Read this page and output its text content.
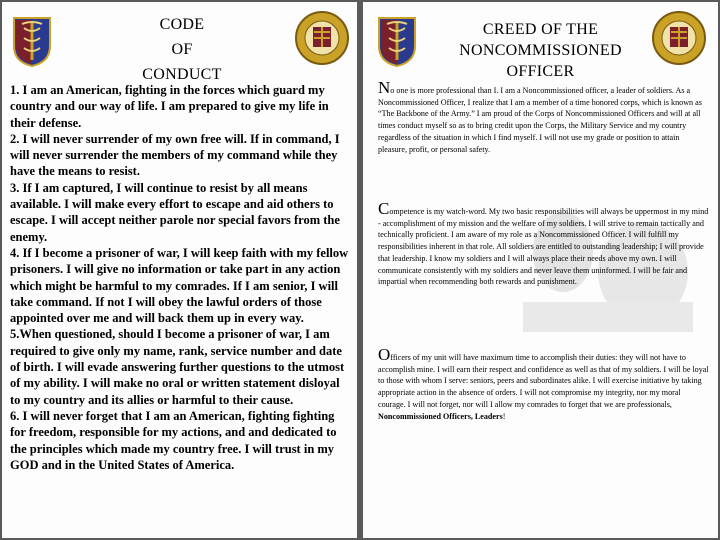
CODE
OF
CONDUCT

1. I am an American, fighting in the forces which guard my country and our way of life. I am prepared to give my life in their defense.

2. I will never surrender of my own free will. If in command, I will never surrender the members of my command while they have the means to resist.

3. If I am captured, I will continue to resist by all means available. I will make every effort to escape and aid others to escape. I will accept neither parole nor special favors from the enemy.

4. If I become a prisoner of war, I will keep faith with my fellow prisoners. I will give no information or take part in any action which might be harmful to my comrades. If I am senior, I will take command. If not I will obey the lawful orders of those appointed over me and will back them up in every way.

5.When questioned, should I become a prisoner of war, I am required to give only my name, rank, service number and date of birth. I will evade answering further questions to the utmost of my ability. I will make no oral or written statement disloyal to my country and its allies or harmful to their cause.

6. I will never forget that I am an American, fighting fighting for freedom, responsible for my actions, and and dedicated to the principles which made my country free. I will trust in my GOD and in the United States of America.

CREED OF THE
NONCOMMISSIONED
OFFICER
No one is more professional than I. I am a Noncommissioned officer, a leader of soldiers. As a Noncommissioned Officer, I realize that I am a member of a time honored corps, which is known as “The Backbone of the Army.” I am proud of the Corps of Noncommissioned Officers and will at all times conduct myself so as to bring credit upon the Corps, the Military Service and my country regardless of the situation in which I find myself. I will not use my grade or position to attain pleasure, profit, or personal safety.
Competence is my watch-word. My two basic responsibilities will always be uppermost in my mind - accomplishment of my mission and the welfare of my soldiers. I will strive to remain tactically and technically proficient. I am aware of my role as a Noncommissioned Officer. I will fulfill my responsibilities inherent in that role. All soldiers are entitled to outstanding leadership; I will provide that leadership. I know my soldiers and I will always place their needs above my own. I will communicate consistently with my soldiers and never leave them uninformed. I will be fair and impartial when recommending both rewards and punishment.
Officers of my unit will have maximum time to accomplish their duties: they will not have to accomplish mine. I will earn their respect and confidence as well as that of my soldiers. I will be loyal to those with whom I serve: seniors, peers and subordinates alike. I will exercise initiative by taking appropriate action in the absence of orders. I will not compromise my integrity, nor my moral courage. I will not forget, nor will I allow my comrades to forget that we are professionals, Noncommissioned Officers, Leaders!
